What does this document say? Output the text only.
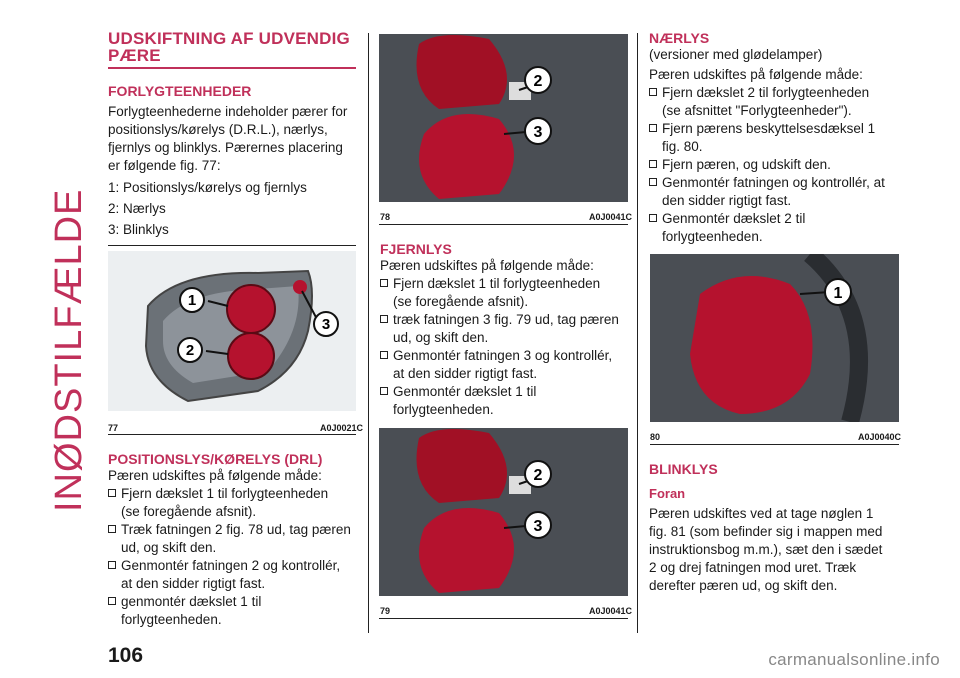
INØDSTILFÆLDE
UDSKIFTNING AF UDVENDIG
PÆRE
FORLYGTEENHEDER

Forlygteenhederne indeholder pærer for

positionslys/kørelys (D.R.L.), nærlys,

fjernlys og blinklys. Pærernes placering

er følgende fig. 77:

1: Positionslys/kørelys og fjernlys

2: Nærlys

3: Blinklys

1
2
3
77	A0J0021C
POSITIONSLYS/KØRELYS (DRL)

Pæren udskiftes på følgende måde:

Fjern dækslet 1 til forlygteenheden
(se foregående afsnit).
Træk fatningen 2 fig. 78 ud, tag pæren
ud, og skift den.
Genmontér fatningen 2 og kontrollér,
at den sidder rigtigt fast.
genmontér dækslet 1 til
forlygteenheden.
2
3
78	A0J0041C
FJERNLYS

Pæren udskiftes på følgende måde:

Fjern dækslet 1 til forlygteenheden
(se foregående afsnit).
træk fatningen 3 fig. 79 ud, tag pæren
ud, og skift den.
Genmontér fatningen 3 og kontrollér,
at den sidder rigtigt fast.
Genmontér dækslet 1 til
forlygteenheden.
2
3
79	A0J0041C
NÆRLYS

(versioner med glødelamper)

Pæren udskiftes på følgende måde:

Fjern dækslet 2 til forlygteenheden
(se afsnittet "Forlygteenheder").
Fjern pærens beskyttelsesdæksel 1
fig. 80.
Fjern pæren, og udskift den.
Genmontér fatningen og kontrollér, at
den sidder rigtigt fast.
Genmontér dækslet 2 til
forlygteenheden.
1
80	A0J0040C
BLINKLYS
Foran

Pæren udskiftes ved at tage nøglen 1

fig. 81 (som befinder sig i mappen med

instruktionsbog m.m.), sæt den i sædet

2 og drej fatningen mod uret. Træk

derefter pæren ud, og skift den.

106	carmanualsonline.info
